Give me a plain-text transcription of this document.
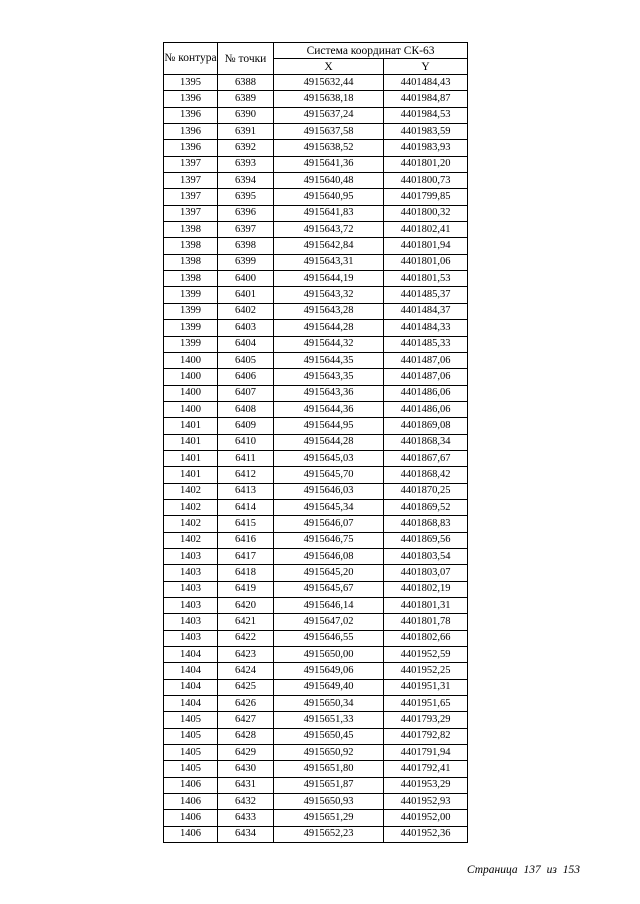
№ контура	№ точки	Система координат СК-63	
		X	Y
1395	6388	4915632,44	4401484,43
1396	6389	4915638,18	4401984,87
1396	6390	4915637,24	4401984,53
1396	6391	4915637,58	4401983,59
1396	6392	4915638,52	4401983,93
1397	6393	4915641,36	4401801,20
1397	6394	4915640,48	4401800,73
1397	6395	4915640,95	4401799,85
1397	6396	4915641,83	4401800,32
1398	6397	4915643,72	4401802,41
1398	6398	4915642,84	4401801,94
1398	6399	4915643,31	4401801,06
1398	6400	4915644,19	4401801,53
1399	6401	4915643,32	4401485,37
1399	6402	4915643,28	4401484,37
1399	6403	4915644,28	4401484,33
1399	6404	4915644,32	4401485,33
1400	6405	4915644,35	4401487,06
1400	6406	4915643,35	4401487,06
1400	6407	4915643,36	4401486,06
1400	6408	4915644,36	4401486,06
1401	6409	4915644,95	4401869,08
1401	6410	4915644,28	4401868,34
1401	6411	4915645,03	4401867,67
1401	6412	4915645,70	4401868,42
1402	6413	4915646,03	4401870,25
1402	6414	4915645,34	4401869,52
1402	6415	4915646,07	4401868,83
1402	6416	4915646,75	4401869,56
1403	6417	4915646,08	4401803,54
1403	6418	4915645,20	4401803,07
1403	6419	4915645,67	4401802,19
1403	6420	4915646,14	4401801,31
1403	6421	4915647,02	4401801,78
1403	6422	4915646,55	4401802,66
1404	6423	4915650,00	4401952,59
1404	6424	4915649,06	4401952,25
1404	6425	4915649,40	4401951,31
1404	6426	4915650,34	4401951,65
1405	6427	4915651,33	4401793,29
1405	6428	4915650,45	4401792,82
1405	6429	4915650,92	4401791,94
1405	6430	4915651,80	4401792,41
1406	6431	4915651,87	4401953,29
1406	6432	4915650,93	4401952,93
1406	6433	4915651,29	4401952,00
1406	6434	4915652,23	4401952,36
Страница 137 из 153
